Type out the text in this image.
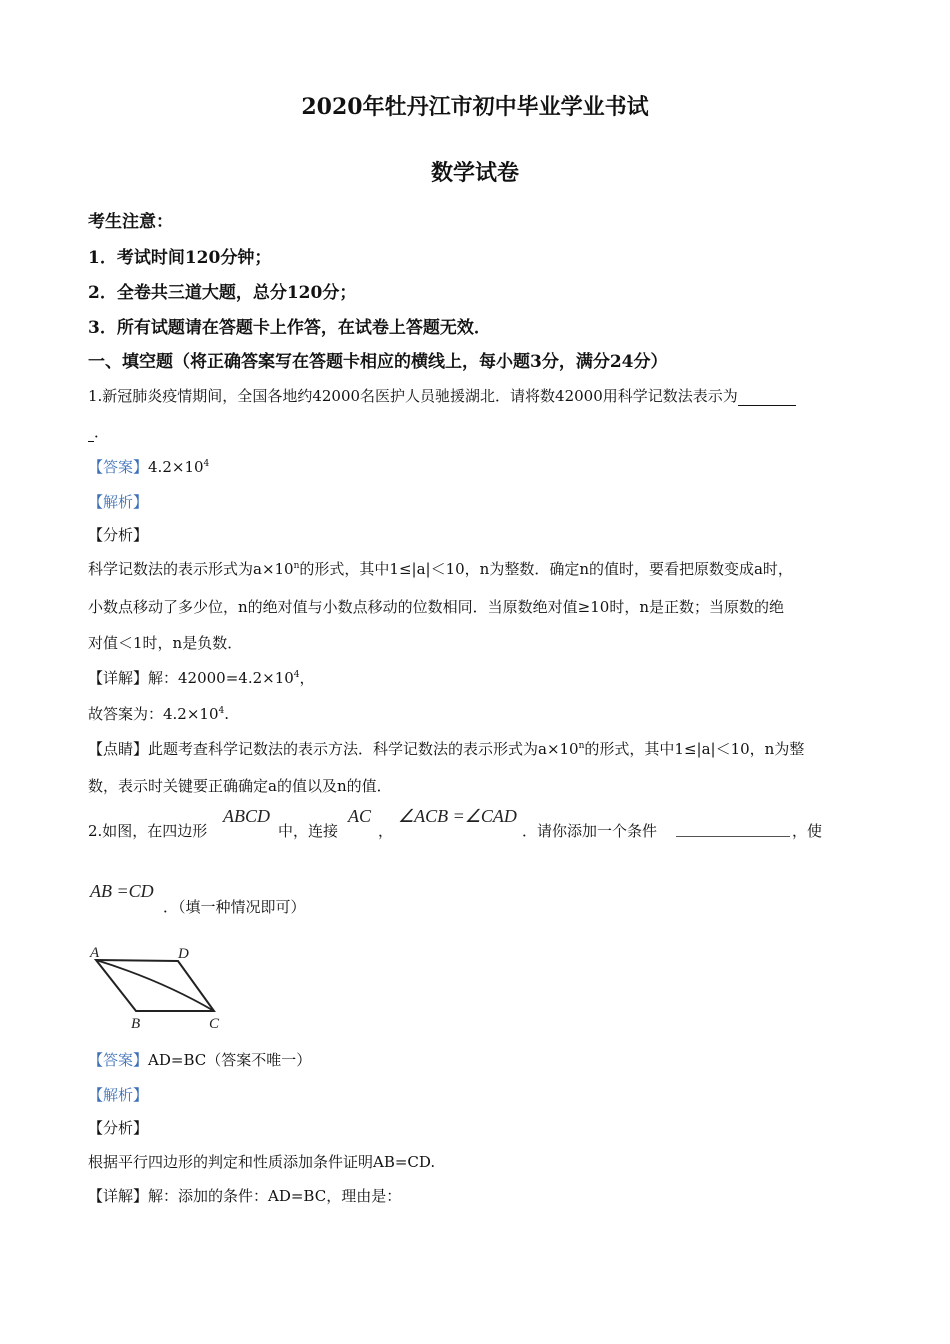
2020年牡丹江市初中毕业学业书试
数学试卷
考生注意：
1．考试时间120分钟；
2．全卷共三道大题，总分120分；
3．所有试题请在答题卡上作答，在试卷上答题无效．
一、填空题（将正确答案写在答题卡相应的横线上，每小题3分，满分24分）
1.新冠肺炎疫情期间，全国各地约42000名医护人员驰援湖北．请将数42000用科学记数法表示为
．
【答案】$4.2\times 10^4$
【解析】
【分析】
科学记数法的表示形式为$a\times 10^n$的形式，其中1≤|a|＜10，n为整数．确定n的值时，要看把原数变成a时，
小数点移动了多少位，n的绝对值与小数点移动的位数相同．当原数绝对值≥10时，n是正数；当原数的绝
对值＜1时，n是负数．
【详解】解：$42000=4.2\times 10^4$，
故答案为：$4.2\times 10^4$.
【点睛】此题考查科学记数法的表示方法．科学记数法的表示形式为$a\times 10^n$的形式，其中1≤|a|＜10，n为整
数，表示时关键要正确确定a的值以及n的值．
2.如图，在四边形
ABCD
中，连接
AC
，
∠ACB =∠CAD
．请你添加一个条件	，使
AB =CD
．（填一种情况即可）
A	D
B	C
【答案】AD=BC（答案不唯一）
【解析】
【分析】
根据平行四边形的判定和性质添加条件证明AB=CD.
【详解】解：添加的条件：AD=BC，理由是：
